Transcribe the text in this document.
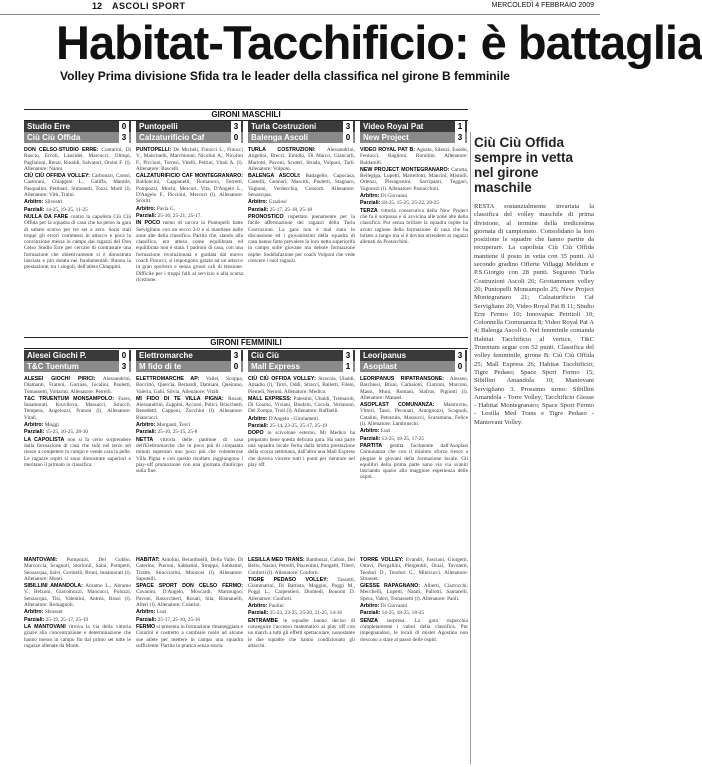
12 ASCOLI SPORT	MERCOLEDÌ 4 FEBBRAIO 2009
Habitat-Tacchificio: è battaglia
Volley Prima divisione Sfida tra le leader della classifica nel girone B femminile
GIRONI MASCHILI
Studio Erre	0
Ciù Ciù Offida	3
Puntopelli	3
Calzaturificio Caf	0
Turla Costruzioni	3
Balenga Ascoli	0
Video Royal Pat	1
New Project	3

DON CELSO-STUDIO ERRE: Contarini, Di Ruscio, Ercoli, Lanzidei, Marcucci, Olimpi, Paglialoni, Renzi, Rinaldi, Salvatori, Orsini F. (l). Allenatore: Nanni.

CIÙ CIÙ OFFIDA VOLLEY: Carbonari, Carosi, Castorani, Chiappini L., Galiffa, Mantile, Pasqualini, Pettinari, Simonetti, Tozzi, Marti (l). Allenatore: Vitti, Traini.

Arbitro: Silvestri

Parziali: 14-25, 19-25, 11-25

NULLA DA FARE contro la capolista Ciù Ciù Offida per la squadra di casa che ha perso la gara di sabato scorso per tre set a zero. Sono stati troppi gli errori commessi in attacco e poca la convinzione messa in campo dai ragazzi del Don Celso Studio Erre per cercare di contrastare una formazione che obiettivamente si è dimostrata lanciata e più dotata nei fondamentali. Buona la prestazione, tra i singoli, dell'atleta Chiappini.

PUNTOPELLI: De Micheli, Finucci L., Finucci V., Mancinelli, Marchionni, Nicolini A., Nicolini F., Piccioni, Torresi, Vitelli, Petrini, Vitali A. (l). Allenatore: Bascelli.

CALZATURIFICIO CAF MONTEGRANARO: Baldoncini, Cappanelli, Romanovi, Ferretti, Pompozzi, Mochi, Mercuri, Vita, D'Angelo L., D'Angelo F., Piccioni, Mercuri (l). Allenatore: Scoriti.

Arbitro: Pavia G.

Parziali: 25-16; 25-21; 25-17.

IN POCO meno di un'ora la Puntopelli batte Servigliano con un secco 3-0 e si mantiene nelle zone alte della classifica. Partita che, stando alla classifica, era attesa come equilibrata ed equilibrata non è stata. I padroni di casa, con una formazione rivoluzionata e guidata dal nuovo coach Finucci, si impongono grazie ad un attacco in gran spolvero e senza grossi cali di tensione. Difficile per i troppi falli al servizio e alla scarsa ricezione.

TURLA COSTRUZIONI: Alessandrini, Angelini, Brecci, Emidio, Di Marco, Giancarli, Mariotti, Pavoni, Scuteri, Strada, Volponi, Tarli. Allenatore: Volponi.

BALENGA ASCOLI: Battagello, Capocasa, Castelli, Gennari, Mascitti, Paoletti, Stagnaro, Vagnoni, Verdecchia, Consorti. Allenatore: Senzacqua.

Arbitro: Graziosi

Parziali: 25-17, 25-18, 25-18

PRONOSTICO rispettato pienamente per la facile affermazione dei ragazzi della Turla Costruzioni. La gara non è mai stata in discussione ed i giovanissimi della squadra di casa hanno fatto prevalere la loro netta superiorità in campo sulle giovane ma debole formazione ospite. Soddisfazione per coach Volponi che vede crescere i suoi ragazzi.

VIDEO ROYAL PAT B: Agusto, Silenzi, Eusebi, Feniucci, Baglioni, Romitini. Allenatore: Baldarelli.

NEW PROJECT MONTEGRANARO: Carotta, Bellegiga, Lupetti, Martellotti, Mancini, Mistolli, Ortenzi, Pieragostini, Sacripanti, Teggaci, Vagnozzi (l). Allenatore: Postacchini.

Arbitro: Di Giovanni

Parziali: 18-25, 15-25, 25-22, 20-25

TERZA vittoria consecutiva della New Project che fa il sorpasso e si avvicina alle zone alte della classifica. Pur senza brillare la squadra ospite ha avuto ragione della formazione di casa che ha lottato a lungo ma si è dovuta arrendere ai ragazzi allenati da Postacchini.

GIRONI FEMMINILI
Alesei Giochi P.	0
T&C Tuentum	3
Elettromarche	3
M fido di te	0
Ciù Ciù	3
Mall Express	1
Leoripanus	3
Asoplast	0

ALESEI GIOCHI PIRICI: Alessandrini, Diamanti, Fratoni, Gorinas, Iocalini, Paoletti, Tomassetti, Voltarini. Allenatore: Petrelli.

T&C TRUENTUM MONSAMPOLO: Fares, Innamorati, Kruvliova, Massacci, Straccii, Tempera, Angelozzi, Fratoni (l). Allenatore: Vitali.

Arbitro: Moggi

Parziali: 15-25, 10-25, 28-30

LA CAPOLISTA non si fa certo sorprendere dalla formazione di casa che solo nel terzo set riesce a competere in campo e vende cara la pelle. Le ragazze ospiti si sono dimostrate superiori e meritano il primato in classifica.

ELETTROMARCHE AP: Vallei, Scoppa, Boccitto, Quercia, Bernardi, Damiani, Queirano, Valeria, Galli, Silvia, Allenatore: Vitali.

MI FIDO DI TE VILLA PIGNA: Rosati, Alessandrini, Zuppini, Accorsi, Pulici, Bracchetti, Benedetti, Capponi, Zucchini (l). Allenatore: Biancucci.

Arbitro: Morganti, Turci

Parziali: 25-10, 25-15, 25-8

NETTA vittoria delle padrone di casa dell'Elettromarche che in poco più di cinquanta minuti superano uno poco più che volenterose Villa Pigna e con questo risultato raggiungono i play-off promozione con una giornata d'anticipo sulla fine.

CIÙ CIÙ OFFIDA VOLLEY: Stracola, Ubaldi, Amadio (l), Tiriri, Oddi, Stracci, Balletti, Fileni, Piemeli, Neroni. Allenatore: Medico.

MALL EXPRESS: Palestini, Ubaldi, Tremaroli, Di Cosmo, Viviani, Bludzin, Cocola, Verlanoni, Del Zompo, Troli (l). Allenatore: Raffaelli.

Arbitro: D'Angelo - Girolametti

Parziali: 25-14, 23-25, 25-17, 25-19

DOPO lo scivolone esterno, Mr Medico ha preparato bene questa delicata gara. Ha una parte una squadra locale ferita dalla brutta prestazione della scorsa settimana, dall'altra una Mall Express che doveva vincere tutti i punti per rientrare nei play off.

LEORIPANUS RIPATRANSONE: Alesseo, Barchiesi, Bruni, Camaioni, Ciarroni, Marconi, Massi, Muni, Romani, Stafrus, Pignotti (l). Allenatore: Manuel.

ASOPLAST COMUNANZA: Mastrovito, Vittori, Tassi, Peconari, Antognozzi, Scagnoli, Catalini, Petrarulo, Massucci, Scaramuna, Felice (l). Allenatore: Lambruschi.

Arbitro: Luzi

Parziali: 13-25, 18-25, 17-25

PARTITA gestita facilmente dall'Asoplast Comunanza che con il minimo sforzo riesce a piegare le giovani della formazione locale. Gli equilibri della prima parte sono via via svaniti lasciando spazio alla maggiore esperienza delle ospiti.

MANTOVANI: Pompozzi, Del Gobbo, Marcoccia, Scagnoli, Storionii, Saini, Pompetti, Senzacqua, Salvi, Gorinelli, Bruni, Innamorati (l). Allenatore: Monti.

SIBILLINI AMANDOLA: Abramo L., Abramo V., Belzoni, Giacomozzi, Mancucci, Poluzzi, Senzacqua, Tisi, Valentini, Antrea, Rossi (l). Allenatore: Romagnoli.

Arbitro: Sbrasset

Parziali: 25-19, 25-17, 25-19

LA MANTOVANI ritrova la via della vittoria grazie alla concentrazione e determinazione che hanno messo in campo fin dal primo set tutte le ragazze allenate da Monti.

HABITAT: Antolini, Berardinelli, Della Valle, Di Caterino, Pieroni, Sabbatini, Strappa, Sabbatini, Tiratte, Stracciarini, Monzosi (l). Allenatore: Saputelli.

SPACE SPORT DON CELSO FERMO: Cavanini, D'Angelo, Moscardi, Marmugno, Pavoni, Rasocchieri, Rosati, Sila, Rismanelli, Alleri (l). Allenatore: Colarini.

Arbitro: Luzi

Parziali: 25-17, 25-10, 25-16

FERMO si presenta in formazione rimaneggiata e Colarini è costretto a cambiare ruolo ad alcune sue atlete per mettere in campo una squadra sufficiente. Partita in pratica senza storia.

LESILLA MED TRANS: Bambozzi, Cafoni, Del Bello, Nasini, Petrelli, Piacentini, Pongetti, Tiberi, Conforti (l). Allenatore: Conforti.

TIGRE PEDASO VOLLEY: Tassotti, Giammarini, Di Battista, Maggini, Poggi M., Poggi L., Carpentieri, Diomedi, Bonomi D. Allenatore: Conforti.

Arbitro: Paolini

Parziali: 25-23, 23-25, 25-20, 21-25, 14-16

ENTRAMBE le squadre hanno deciso di conseguire l'accesso matematico ai play off con un match a tutti gli effetti spettacolare, nonostante le due squadre che hanno condizionato gli attacchi.

TORRE VOLLEY: Evandri, Fasciani, Giorgetti, Ottavi, Piergallini, Piergentili, Orazi, Tavoletti, Teodori D., Teodori G., Minicucci. Allenatore: Sbrasset.

GIESSE RAPAGNANO: Alberti, Ciarrocchi, Mecchelli, Lupetti, Natali, Pallotti, Santarelli, Speca, Valeri, Tomassetti (l). Allenatore: Paoli.

Arbitro: Di Giovanni

Parziali: 14-25, 18-25, 18-25

SENZA sorpresa. La gara rispecchia completamente i valori della classifica. Pur impegnandosi, le locali di mister Agostino non riescono a stare al passo delle ospiti.

Ciù Ciù Offida sempre in vetta nel girone maschile
RESTA sostanzialmente invariata la classifica del volley maschile di prima divisione, al termine della tredicesima giornata di campionato. Consolidano la loro posizione le squadre che hanno partite da recuperare. La capolista Ciù Ciù Offida mantiene il posto in vetta con 35 punti. Al secondo gradino Offerte Villaggi Meldum e P.S.Giorgio con 28 punti. Seguono Turla Costruzioni Ascoli 26; Grottammare volley 26; Puntopelli Monsampolo 25; New Project Montegranaro 21; Calzaturificio Caf Servigliano 20; Video Royal Pat B 11; Studio Erre Fermo 10; Innovapac Petritoli 10; Colonnella Comunanza 8; Video Royal Pat A 4; Balenga Ascoli 0. Nel femminile comanda Habitat Tacchificio al vertice, T&C Truentum segue con 52 punti. Classifica del volley femminile, girone B: Ciù Ciù Offida 25; Mall Express 26; Habitat Tacchificio; Tigre Pedaso; Space Sport Fermo 15; Sibillini Amandola 10; Mantovani Servigliano 3. Prossimo turno: Sibillini Amandola - Torre Volley; Tacchificio Giesse - Habitat Montegranaro; Space Sport Fermo - Lesilla Med Trans e Tigre Pedaso - Mantovani Volley.
